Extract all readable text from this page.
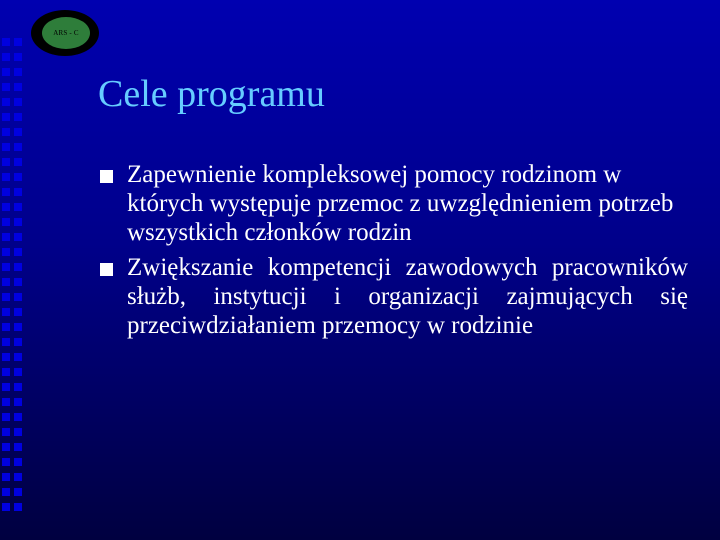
ARS - C
Cele programu
Zapewnienie kompleksowej pomocy rodzinom w których występuje przemoc z uwzględnieniem potrzeb wszystkich członków rodzin
Zwiększanie kompetencji zawodowych pracowników służb, instytucji i organizacji zajmujących się przeciwdziałaniem przemocy w rodzinie
